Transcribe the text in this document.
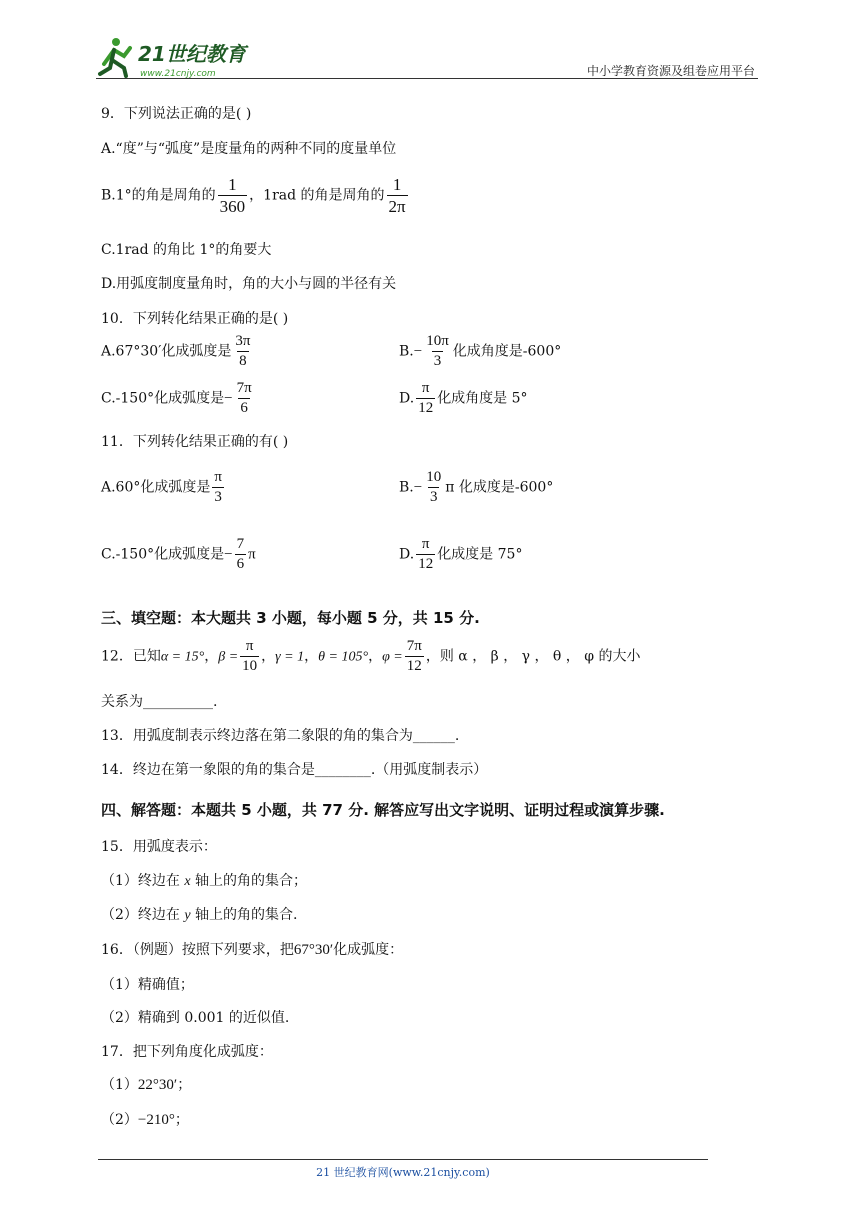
21世纪教育
www.21cnjy.com	中小学教育资源及组卷应用平台
9．下列说法正确的是( )
A.“度”与“弧度”是度量角的两种不同的度量单位
B.1°的角是周角的 $\frac{1}{360}$ ，1rad 的角是周角的 $\frac{1}{2\pi}$
C.1rad 的角比 1°的角要大
D.用弧度制度量角时，角的大小与圆的半径有关
10．下列转化结果正确的是( )
A.67°30′化成弧度是 $\frac{3\pi}{8}$	$B.- \frac{10\pi}{3}$ 化成角度是-600°
C.-150°化成弧度是− $\frac{7\pi}{6}$	D. $\frac{\pi}{12}$ 化成角度是 5°
11．下列转化结果正确的有( )
A.60°化成弧度是 $\frac{\pi}{3}$	$B.- \frac{10}{3}$ π 化成度是-600°
C.-150°化成弧度是− $\frac{7}{6}$ π	D. $\frac{\pi}{12}$ 化成度是 75°
三、填空题：本大题共 3 小题，每小题 5 分，共 15 分.
12．已知α = 15°，$\beta = \frac{\pi}{10}$ ，γ = 1，θ = 105°，$\varphi = \frac{7\pi}{12}$ ，则 α ， β ， γ ， θ ， φ 的大小
关系为__________.
13．用弧度制表示终边落在第二象限的角的集合为______.
14．终边在第一象限的角的集合是________.（用弧度制表示）
四、解答题：本题共 5 小题，共 77 分. 解答应写出文字说明、证明过程或演算步骤.
15．用弧度表示：
（1）终边在 x 轴上的角的集合；
（2）终边在 y 轴上的角的集合.
16．（例题）按照下列要求，把67°30′化成弧度：
（1）精确值；
（2）精确到 0.001 的近似值.
17．把下列角度化成弧度：
（1）22°30′；
（2）−210°；
21 世纪教育网(www.21cnjy.com)
